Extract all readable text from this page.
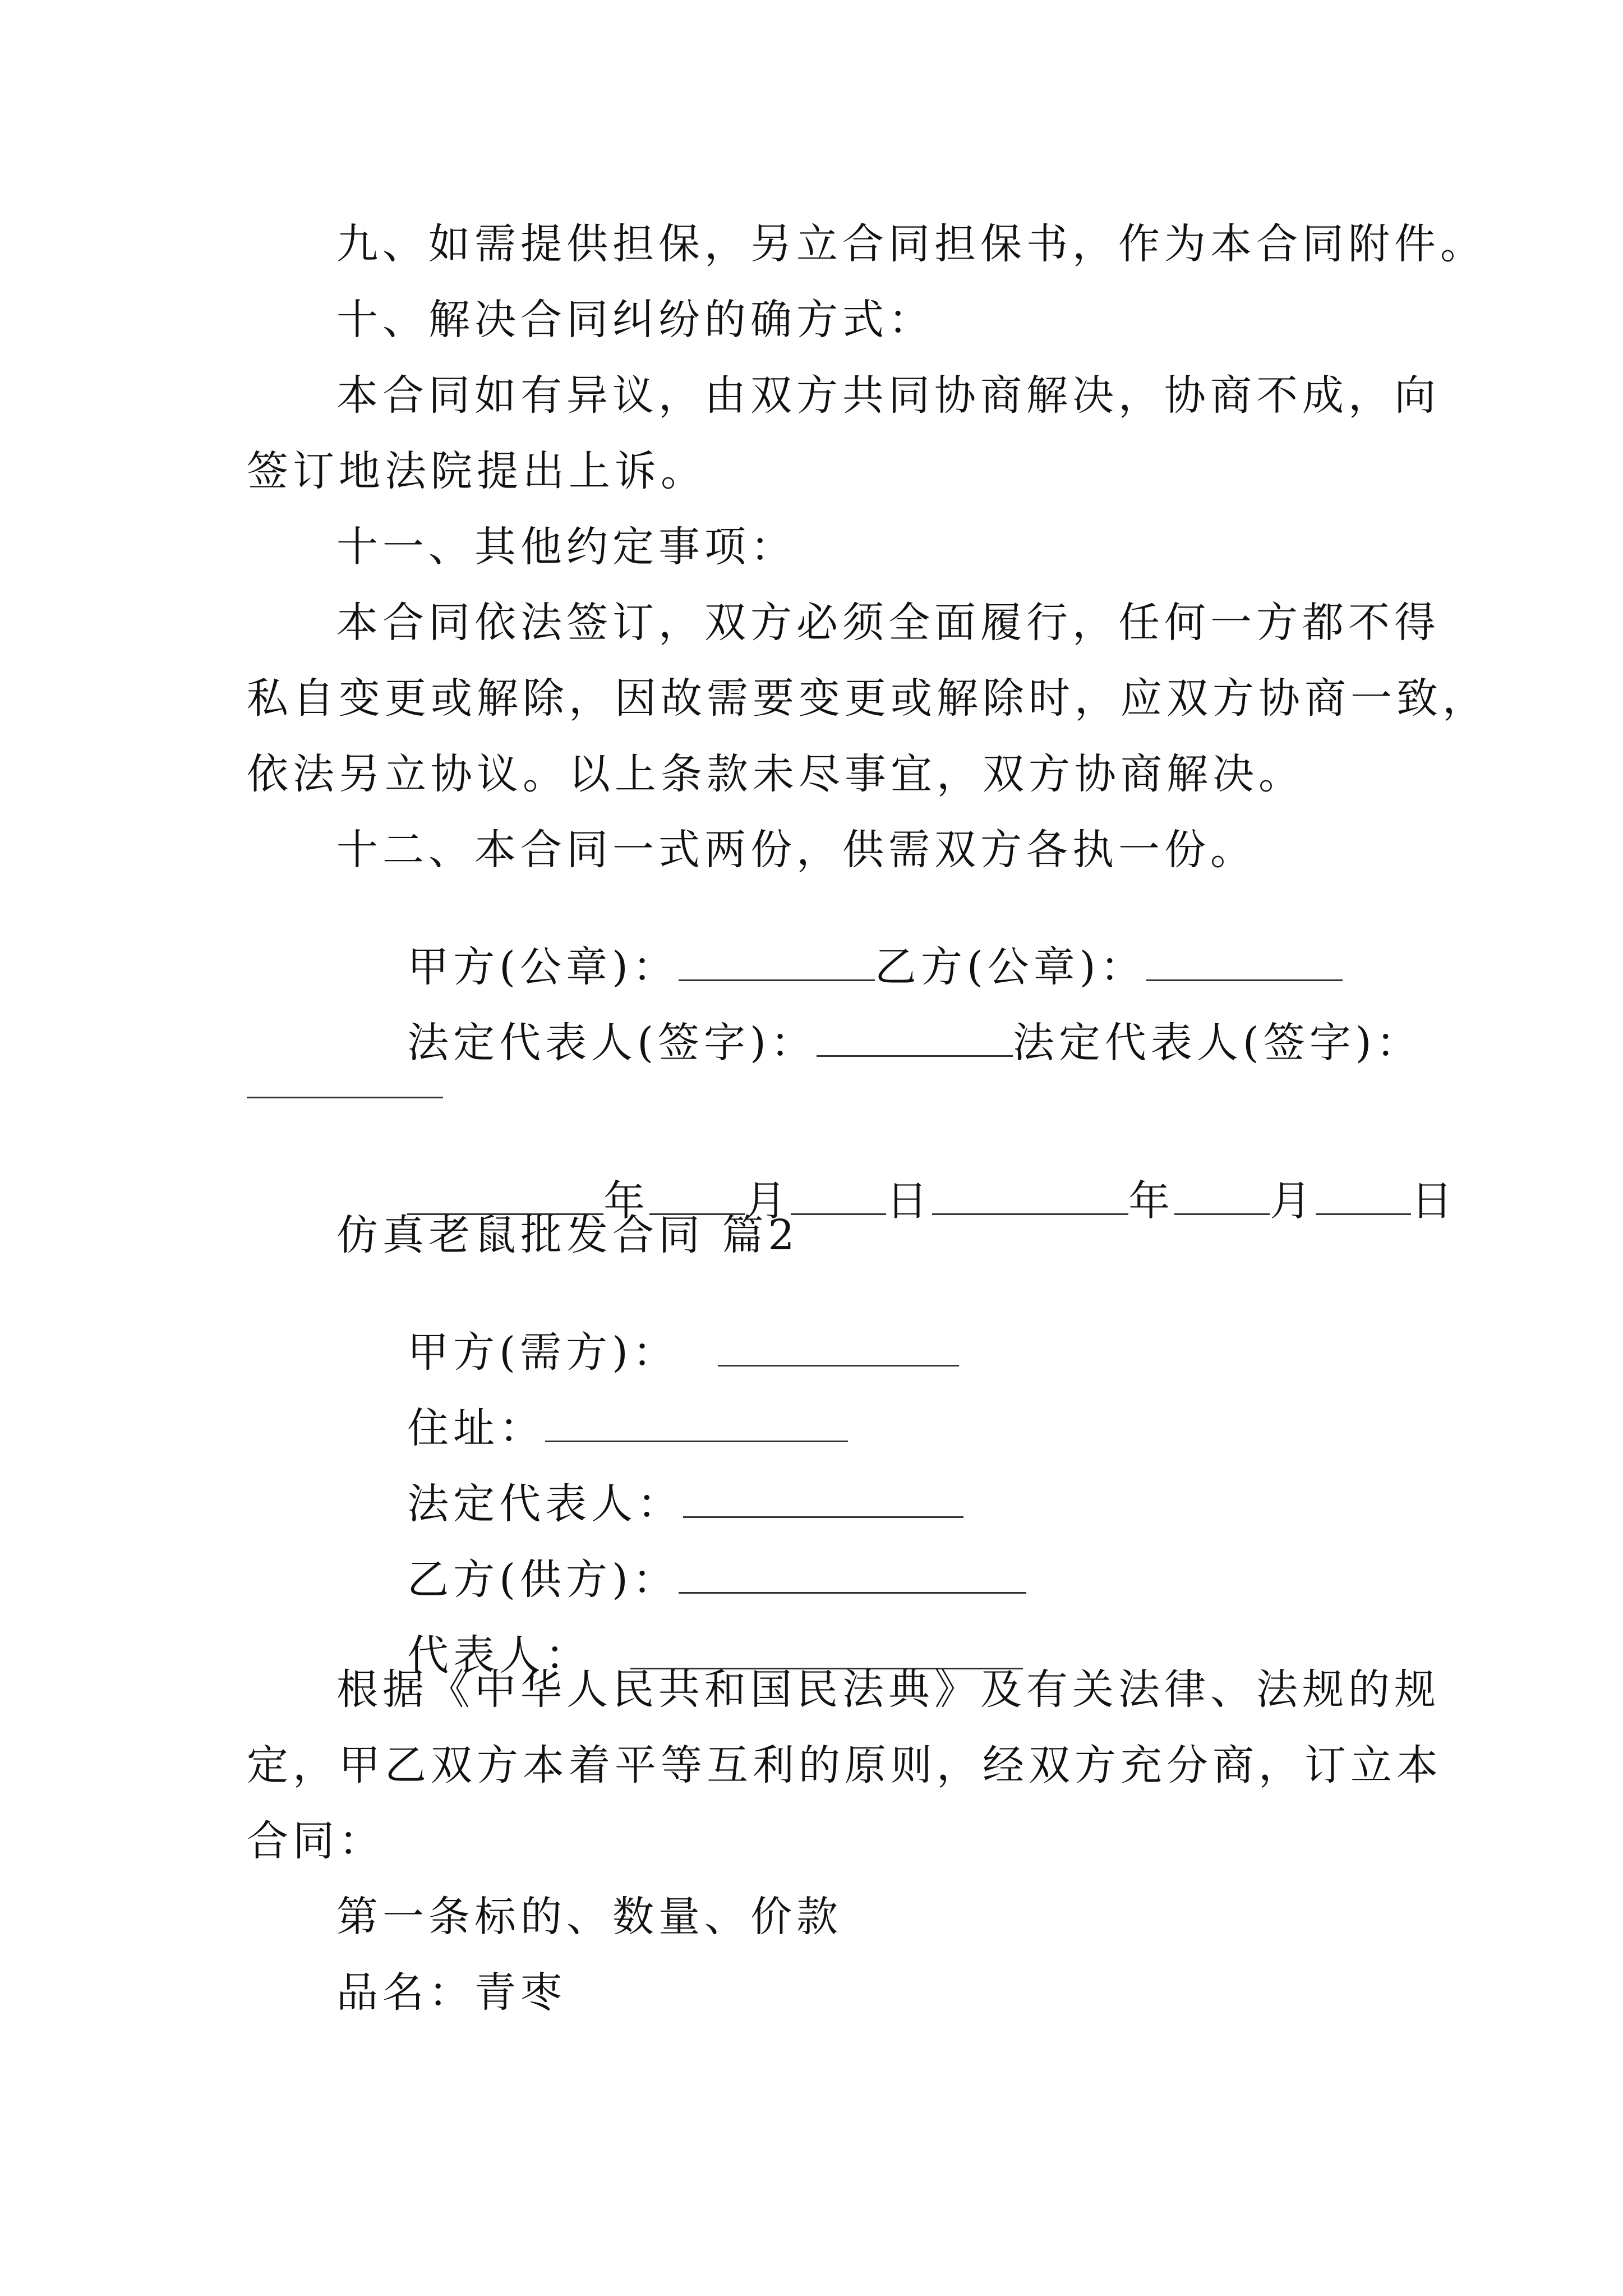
九、如需提供担保，另立合同担保书，作为本合同附件。
十、解决合同纠纷的确方式：
本合同如有异议，由双方共同协商解决，协商不成，向
签订地法院提出上诉。
十一、其他约定事项：
本合同依法签订，双方必须全面履行，任何一方都不得
私自变更或解除，因故需要变更或解除时，应双方协商一致，
依法另立协议。以上条款未尽事宜，双方协商解决。
十二、本合同一式两份，供需双方各执一份。

甲方(公章)：	乙方(公章)：

法定代表人(签字)：	法定代表人(签字)：

年 月 日	年 月 日

仿真老鼠批发合同 篇2

甲方(需方)：

住址：

法定代表人：

乙方(供方)：

代表人：

根据《中华人民共和国民法典》及有关法律、法规的规
定，甲乙双方本着平等互利的原则，经双方充分商，订立本
合同：
第一条标的、数量、价款
品名：青枣
